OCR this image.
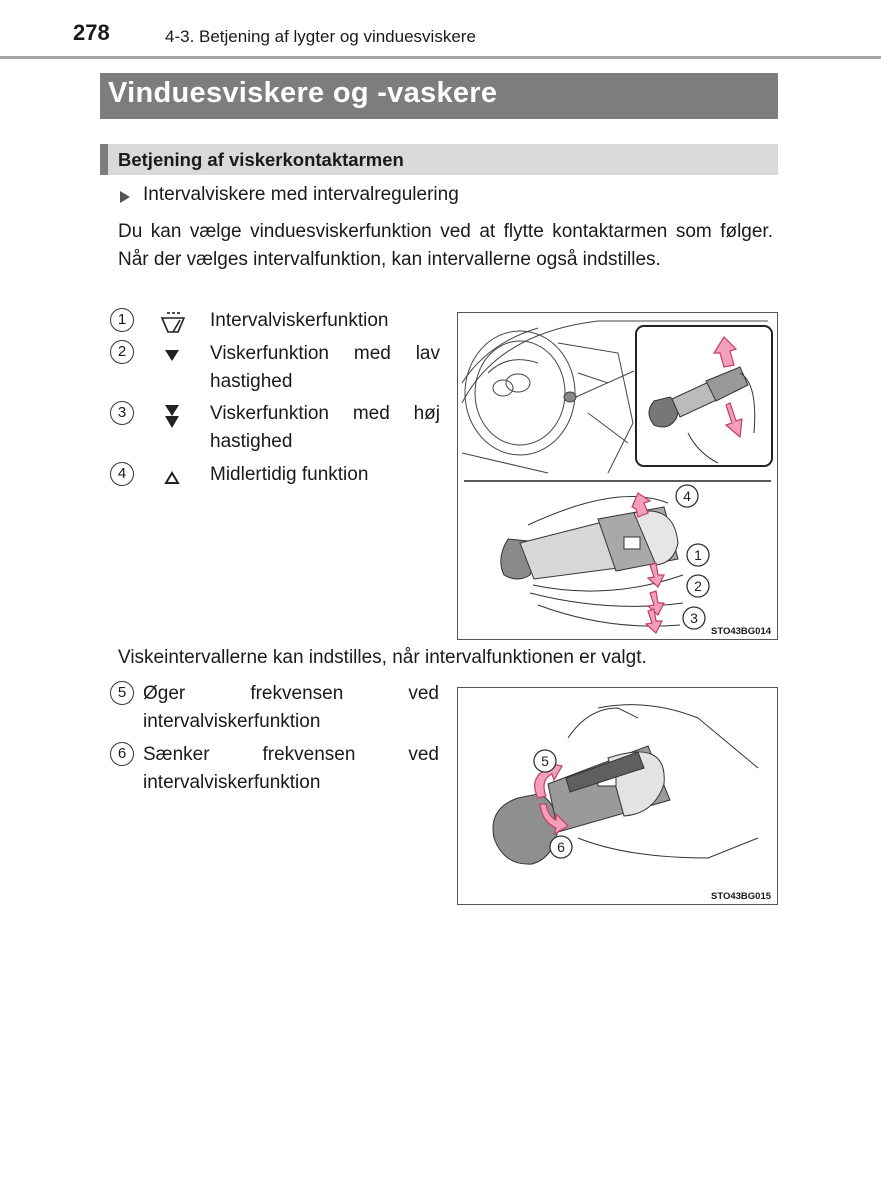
278	4-3. Betjening af lygter og vinduesviskere
Vinduesviskere og -vaskere
Betjening af viskerkontaktarmen
Intervalviskere med intervalregulering
Du kan vælge vinduesviskerfunktion ved at flytte kontaktarmen som følger. Når der vælges intervalfunktion, kan intervallerne også indstilles.
1	Intervalviskerfunktion
2	Viskerfunktion med lav hastighed
3	Viskerfunktion med høj hastighed
4	Midlertidig funktion
4
1
2
3
STO43BG014
Viskeintervallerne kan indstilles, når intervalfunktionen er valgt.
5 Øger frekvensen ved intervalviskerfunktion
6 Sænker frekvensen ved intervalviskerfunktion
5
6
STO43BG015
